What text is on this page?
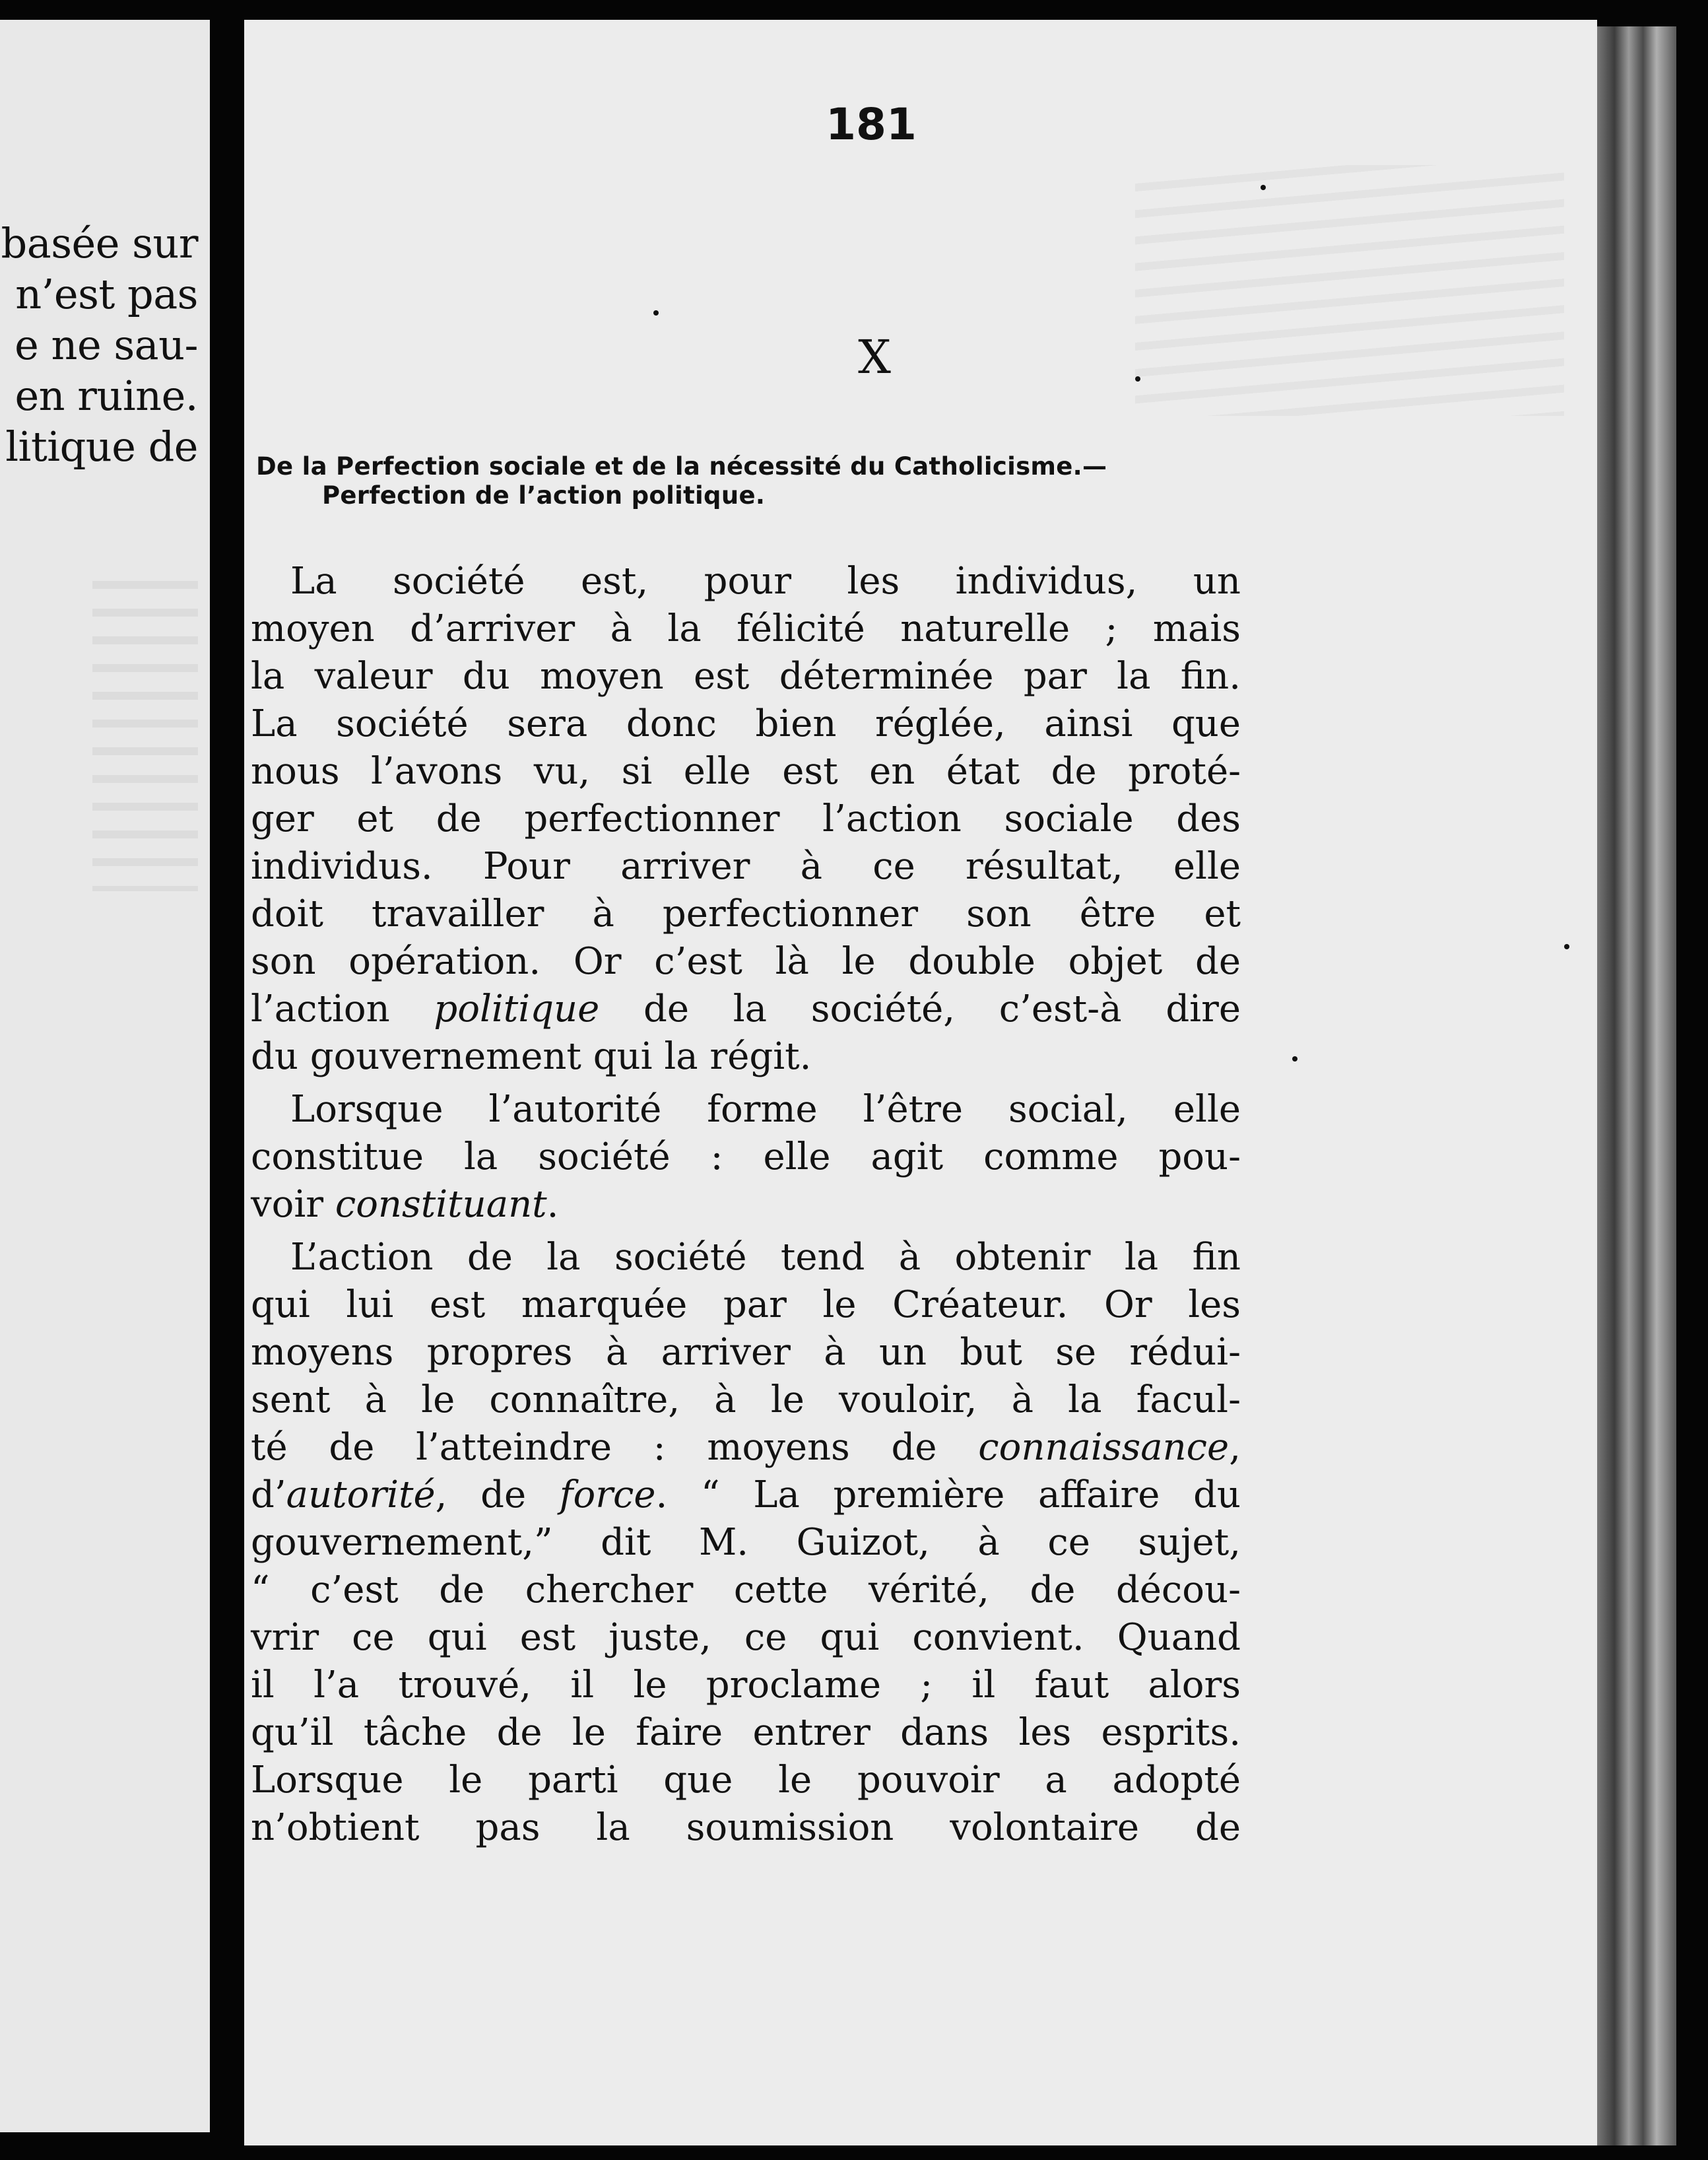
basée sur
n’est pas
e ne sau-
en ruine.
litique de
181
X
De la Perfection sociale et de la nécessité du Catholicisme.—
Perfection de l’action politique.
La société est, pour les individus, un
moyen d’arriver à la félicité naturelle ; mais
la valeur du moyen est déterminée par la fin.
La société sera donc bien réglée, ainsi que
nous l’avons vu, si elle est en état de proté-
ger et de perfectionner l’action sociale des
individus. Pour arriver à ce résultat, elle
doit travailler à perfectionner son être et
son opération. Or c’est là le double objet de
l’action politique de la société, c’est-à dire
du gouvernement qui la régit.
Lorsque l’autorité forme l’être social, elle
constitue la société : elle agit comme pou-
voir constituant.
L’action de la société tend à obtenir la fin
qui lui est marquée par le Créateur. Or les
moyens propres à arriver à un but se rédui-
sent à le connaître, à le vouloir, à la facul-
té de l’atteindre : moyens de connaissance,
d’autorité, de force. “ La première affaire du
gouvernement,” dit M. Guizot, à ce sujet,
“ c’est de chercher cette vérité, de décou-
vrir ce qui est juste, ce qui convient. Quand
il l’a trouvé, il le proclame ; il faut alors
qu’il tâche de le faire entrer dans les esprits.
Lorsque le parti que le pouvoir a adopté
n’obtient pas la soumission volontaire de
